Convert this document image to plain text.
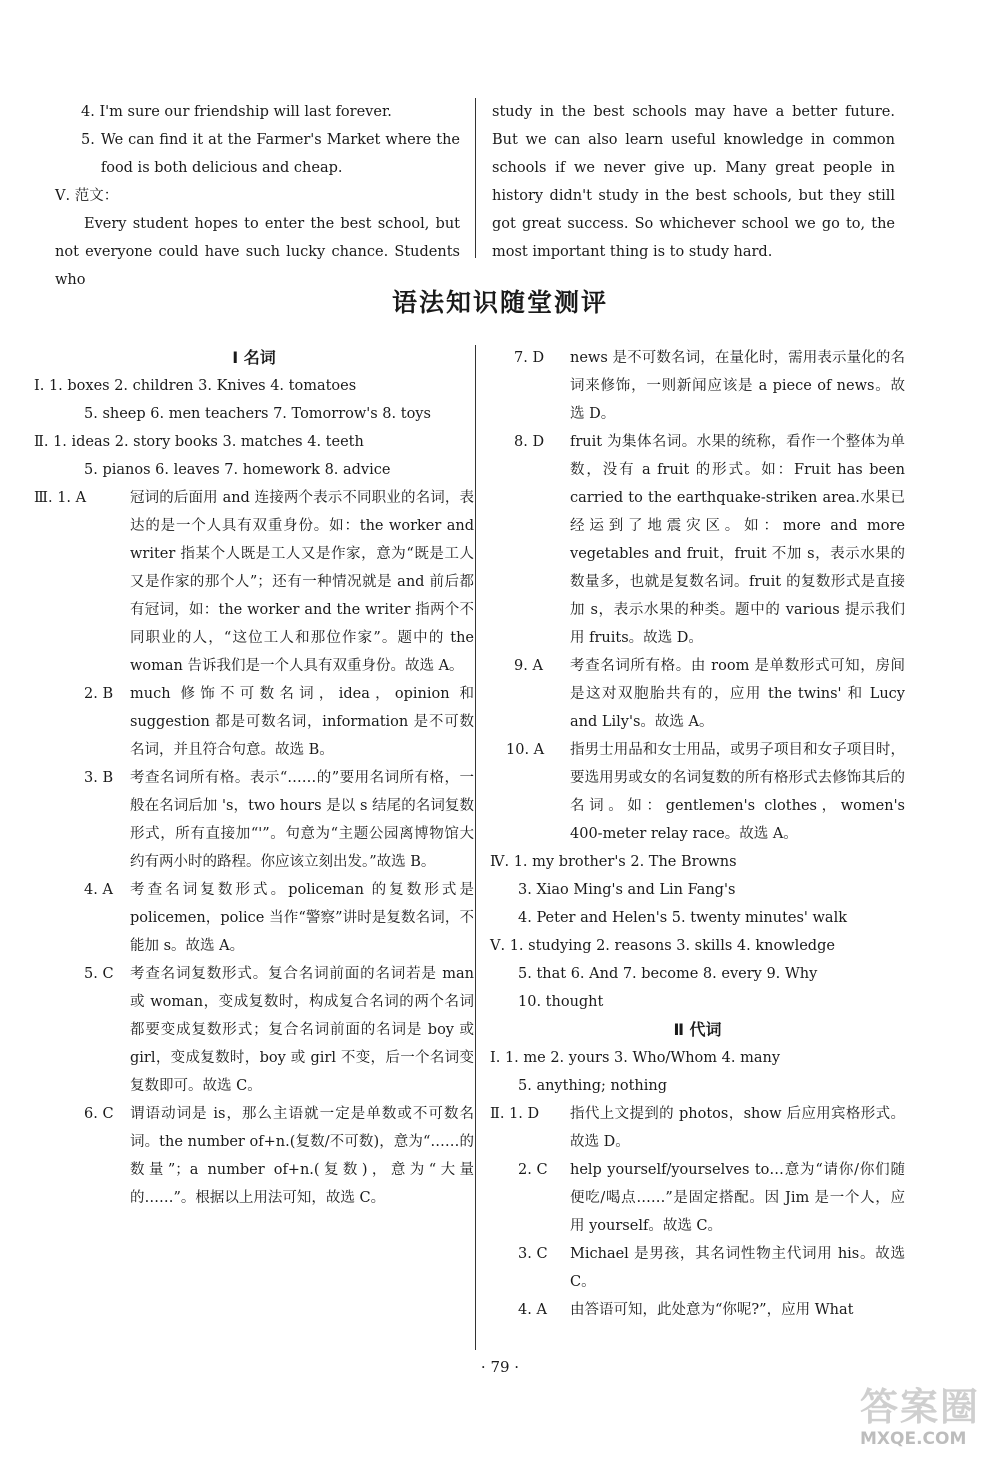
4. I'm sure our friendship will last forever.

5. We can find it at the Farmer's Market where the food is both delicious and cheap.

Ⅴ. 范文：

Every student hopes to enter the best school, but not everyone could have such lucky chance. Students who

study in the best schools may have a better future. But we can also learn useful knowledge in common schools if we never give up. Many great people in history didn't study in the best schools, but they still got great success. So whichever school we go to, the most important thing is to study hard.

语法知识随堂测评

Ⅰ 名词

Ⅰ. 1. boxes 2. children 3. Knives 4. tomatoes

5. sheep 6. men teachers 7. Tomorrow's 8. toys

Ⅱ. 1. ideas 2. story books 3. matches 4. teeth

5. pianos 6. leaves 7. homework 8. advice

Ⅲ. 1. A	冠词的后面用 and 连接两个表示不同职业的名词，表达的是一个人具有双重身份。如：the worker and writer 指某个人既是工人又是作家，意为“既是工人又是作家的那个人”；还有一种情况就是 and 前后都有冠词，如：the worker and the writer 指两个不同职业的人，“这位工人和那位作家”。题中的 the woman 告诉我们是一个人具有双重身份。故选 A。
2. B	much 修饰不可数名词，idea，opinion 和 suggestion 都是可数名词，information 是不可数名词，并且符合句意。故选 B。
3. B	考查名词所有格。表示“……的”要用名词所有格，一般在名词后加 's，two hours 是以 s 结尾的名词复数形式，所有直接加“'”。句意为“主题公园离博物馆大约有两小时的路程。你应该立刻出发。”故选 B。
4. A	考查名词复数形式。policeman 的复数形式是 policemen，police 当作“警察”讲时是复数名词，不能加 s。故选 A。
5. C	考查名词复数形式。复合名词前面的名词若是 man 或 woman，变成复数时，构成复合名词的两个名词都要变成复数形式；复合名词前面的名词是 boy 或 girl，变成复数时，boy 或 girl 不变，后一个名词变复数即可。故选 C。
6. C	谓语动词是 is，那么主语就一定是单数或不可数名词。the number of+n.(复数/不可数)，意为“……的数量”；a number of+n.(复数)，意为“大量的……”。根据以上用法可知，故选 C。
7. D	news 是不可数名词，在量化时，需用表示量化的名词来修饰，一则新闻应该是 a piece of news。故选 D。
8. D	fruit 为集体名词。水果的统称，看作一个整体为单数，没有 a fruit 的形式。如：Fruit has been carried to the earthquake-striken area.水果已经运到了地震灾区。如：more and more vegetables and fruit，fruit 不加 s，表示水果的数量多，也就是复数名词。fruit 的复数形式是直接加 s，表示水果的种类。题中的 various 提示我们用 fruits。故选 D。
9. A	考查名词所有格。由 room 是单数形式可知，房间是这对双胞胎共有的，应用 the twins' 和 Lucy and Lily's。故选 A。
10. A	指男士用品和女士用品，或男子项目和女子项目时，要选用男或女的名词复数的所有格形式去修饰其后的名词。如：gentlemen's clothes，women's 400-meter relay race。故选 A。

Ⅳ. 1. my brother's 2. The Browns

3. Xiao Ming's and Lin Fang's

4. Peter and Helen's 5. twenty minutes' walk

Ⅴ. 1. studying 2. reasons 3. skills 4. knowledge

5. that 6. And 7. become 8. every 9. Why

10. thought

Ⅱ 代词

Ⅰ. 1. me 2. yours 3. Who/Whom 4. many

5. anything; nothing

Ⅱ. 1. D	指代上文提到的 photos，show 后应用宾格形式。故选 D。
2. C	help yourself/yourselves to…意为“请你/你们随便吃/喝点……”是固定搭配。因 Jim 是一个人，应用 yourself。故选 C。
3. C	Michael 是男孩，其名词性物主代词用 his。故选 C。
4. A	由答语可知，此处意为“你呢?”，应用 What
· 79 ·
答案圈
MXQE.COM
